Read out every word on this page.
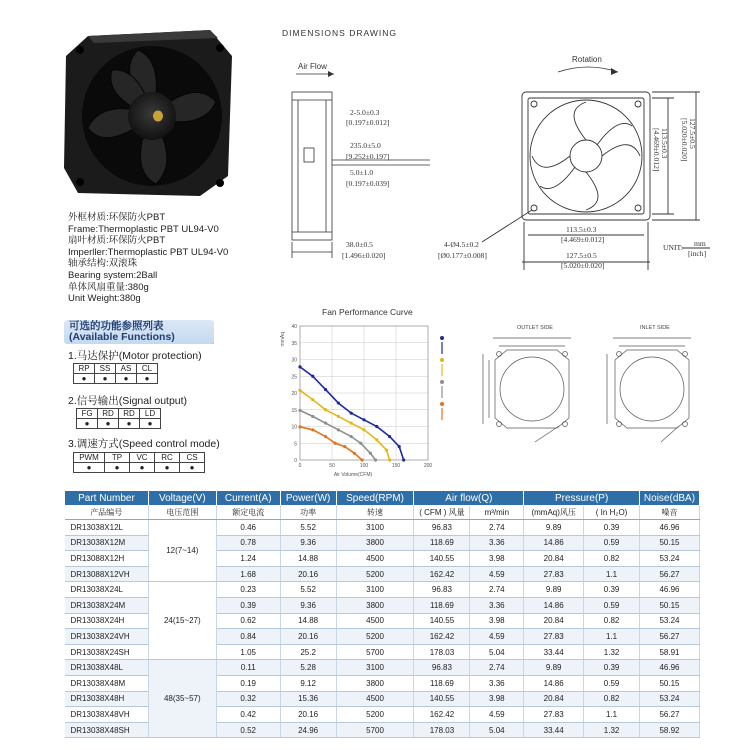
外框材质:环保防火PBT
Frame:Thermoplastic PBT UL94-V0
扇叶材质:环保防火PBT
Imperller:Thermoplastic PBT UL94-V0
轴承结构:双滚珠
Bearing system:2Ball
单体风扇重量:380g
Unit Weight:380g
可选的功能参照列表
(Available Functions)
1.马达保护(Motor protection)
RP	SS	AS	CL
●	●	●	●
2.信号输出(Signal output)
FG	RD	RD	LD
●	●	●	●
3.调速方式(Speed control mode)
PWM	TP	VC	RC	CS
●	●	●	●	●
DIMENSIONS DRAWING
Air Flow
2-5.0±0.3
[0.197±0.012]
235.0±5.0
[9.252±0.197]
5.0±1.0
[0.197±0.039]
38.0±0.5
[1.496±0.020]
4-Ø4.5±0.2
[Ø0.177±0.008]
113.5±0.3
[4.469±0.012]
127.5±0.5
[5.020±0.020]
113.5±0.3
[4.469±0.012]	127.5±0.5
[5.020±0.020]
UNIT: mm
[inch]
Rotation
Fan Performance Curve
0	50	100	150	200
0
5
10
15
20
25
30
35
40
Air Volume(CFM)
mmAq
OUTLET SIDE	INLET SIDE
Part Number	Voltage(V)	Current(A)	Power(W)	Speed(RPM)	Air flow(Q)		Pressure(P)		Noise(dBA)
产品编号	电压范围	额定电流	功率	转速	( CFM ) 风量	m³/min	(mmAq)风压	( In H₂O)	噪音
DR13038X12L	12(7~14)	0.46	5.52	3100	96.83	2.74	9.89	0.39	46.96
DR13038X12M		0.78	9.36	3800	118.69	3.36	14.86	0.59	50.15
DR13088X12H		1.24	14.88	4500	140.55	3.98	20.84	0.82	53.24
DR13088X12VH		1.68	20.16	5200	162.42	4.59	27.83	1.1	56.27
DR13038X24L	24(15~27)	0.23	5.52	3100	96.83	2.74	9.89	0.39	46.96
DR13038X24M		0.39	9.36	3800	118.69	3.36	14.86	0.59	50.15
DR13038X24H		0.62	14.88	4500	140.55	3.98	20.84	0.82	53.24
DR13038X24VH		0.84	20.16	5200	162.42	4.59	27.83	1.1	56.27
DR13038X24SH		1.05	25.2	5700	178.03	5.04	33.44	1.32	58.91
DR13038X48L	48(35~57)	0.11	5.28	3100	96.83	2.74	9.89	0.39	46.96
DR13038X48M		0.19	9.12	3800	118.69	3.36	14.86	0.59	50.15
DR13038X48H		0.32	15.36	4500	140.55	3.98	20.84	0.82	53.24
DR13038X48VH		0.42	20.16	5200	162.42	4.59	27.83	1.1	56.27
DR13038X48SH		0.52	24.96	5700	178.03	5.04	33.44	1.32	58.92
